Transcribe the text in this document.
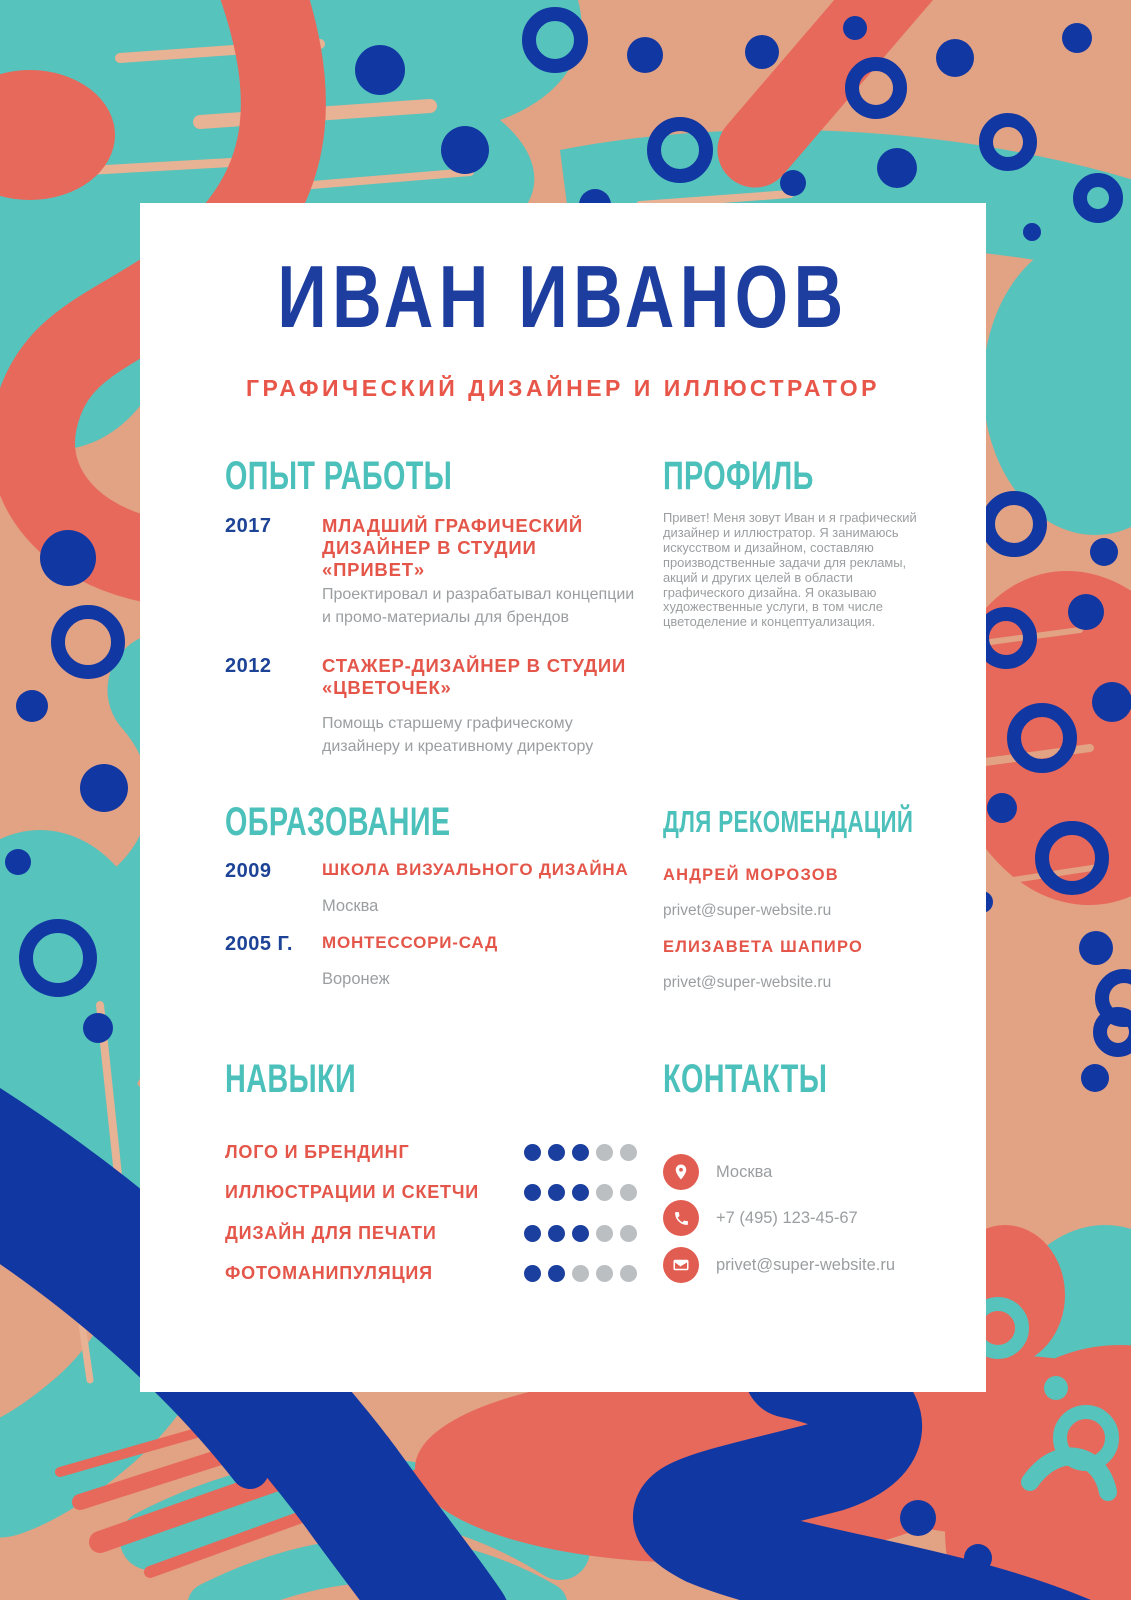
ИВАН ИВАНОВ
ГРАФИЧЕСКИЙ ДИЗАЙНЕР И ИЛЛЮСТРАТОР
ОПЫТ РАБОТЫ	ПРОФИЛЬ
ОБРАЗОВАНИЕ	ДЛЯ РЕКОМЕНДАЦИЙ
НАВЫКИ	КОНТАКТЫ
2017	МЛАДШИЙ ГРАФИЧЕСКИЙ ДИЗАЙНЕР В СТУДИИ «ПРИВЕТ»
Проектировал и разрабатывал концепции и промо-материалы для брендов
2012	СТАЖЕР-ДИЗАЙНЕР В СТУДИИ «ЦВЕТОЧЕК»
Помощь старшему графическому дизайнеру и креативному директору
Привет! Меня зовут Иван и я графический дизайнер и иллюстратор. Я занимаюсь искусством и дизайном, составляю производственные задачи для рекламы, акций и других целей в области графического дизайна. Я оказываю художественные услуги, в том числе цветоделение и концептуализация.
2009	ШКОЛА ВИЗУАЛЬНОГО ДИЗАЙНА
Москва
2005 Г.	МОНТЕССОРИ-САД
Воронеж
АНДРЕЙ МОРОЗОВ
privet@super-website.ru
ЕЛИЗАВЕТА ШАПИРО
privet@super-website.ru
ЛОГО И БРЕНДИНГ
ИЛЛЮСТРАЦИИ И СКЕТЧИ
ДИЗАЙН ДЛЯ ПЕЧАТИ
ФОТОМАНИПУЛЯЦИЯ
Москва
+7 (495) 123-45-67
privet@super-website.ru
